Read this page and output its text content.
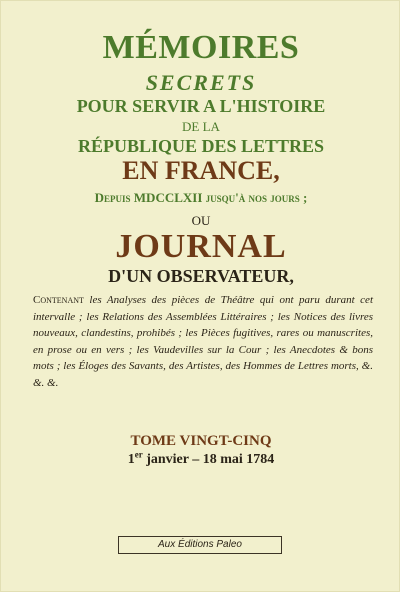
MÉMOIRES

SECRETS

POUR SERVIR A L'HISTOIRE

DE LA

RÉPUBLIQUE DES LETTRES

EN FRANCE,

Depuis MDCCLXII jusqu'à nos jours ;

OU

JOURNAL

D'UN OBSERVATEUR,

Contenant les Analyses des pièces de Théâtre qui ont paru durant cet intervalle ; les Relations des Assemblées Littéraires ; les Notices des livres nouveaux, clandestins, prohibés ; les Pièces fugitives, rares ou manuscrites, en prose ou en vers ; les Vaudevilles sur la Cour ; les Anecdotes & bons mots ; les Éloges des Savants, des Artistes, des Hommes de Lettres morts, &. &. &.

TOME VINGT-CINQ

1er janvier – 18 mai 1784

Aux Éditions Paleo
